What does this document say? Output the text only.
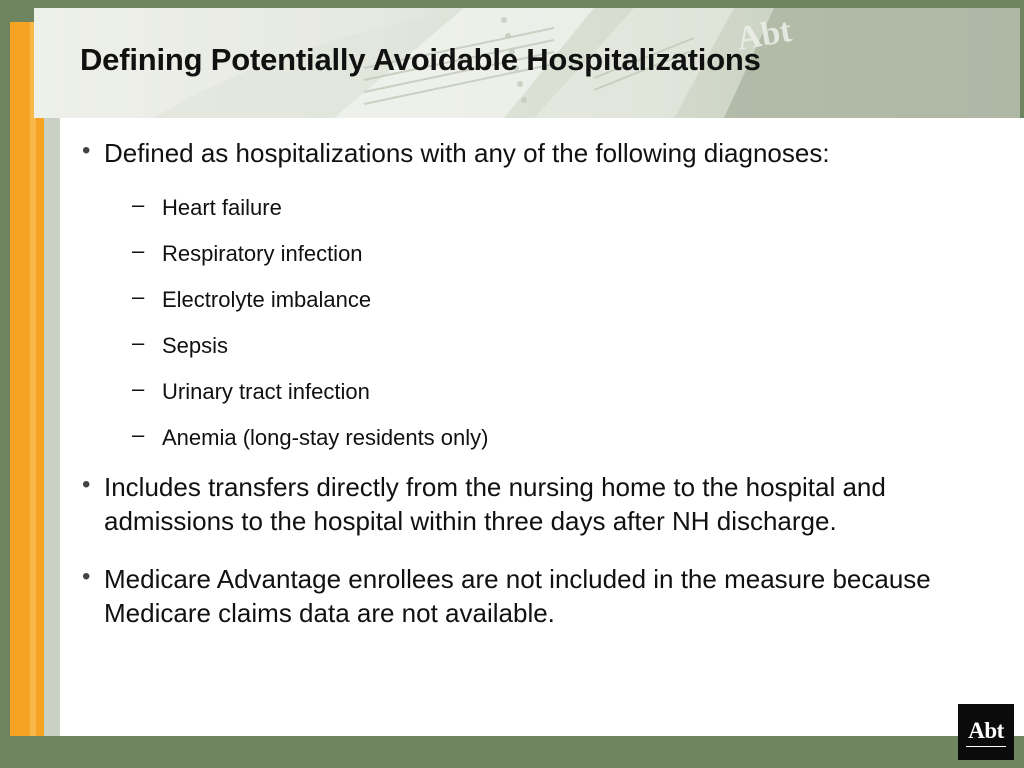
Abt
Defining Potentially Avoidable Hospitalizations
• Defined as hospitalizations with any of the following diagnoses:
– Heart failure
– Respiratory infection
– Electrolyte imbalance
– Sepsis
– Urinary tract infection
– Anemia (long-stay residents only)
• Includes transfers directly from the nursing home to the hospital and admissions to the hospital within three days after NH discharge.
• Medicare Advantage enrollees are not included in the measure because Medicare claims data are not available.
Abt
